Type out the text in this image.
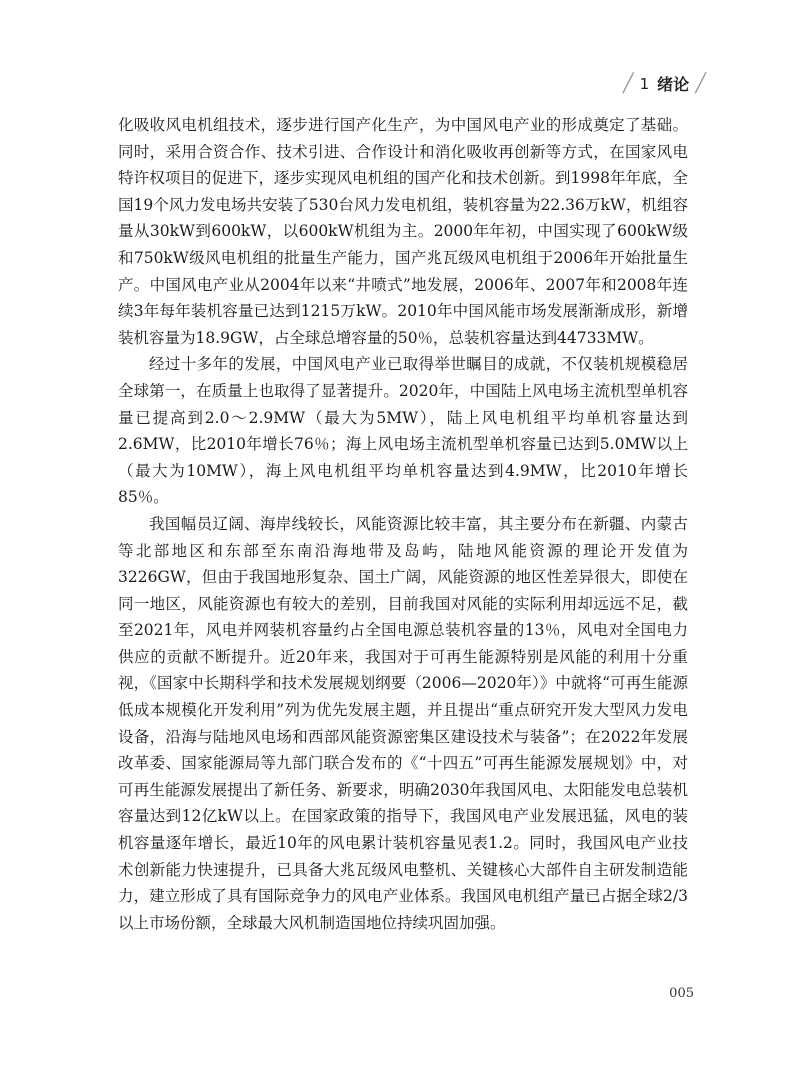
╱ 1 绪论 ╱

化吸收风电机组技术，逐步进行国产化生产，为中国风电产业的形成奠定了基础。同时，采用合资合作、技术引进、合作设计和消化吸收再创新等方式，在国家风电特许权项目的促进下，逐步实现风电机组的国产化和技术创新。到1998年年底，全国19个风力发电场共安装了530台风力发电机组，装机容量为22.36万kW，机组容量从30kW到600kW，以600kW机组为主。2000年年初，中国实现了600kW级和750kW级风电机组的批量生产能力，国产兆瓦级风电机组于2006年开始批量生产。中国风电产业从2004年以来“井喷式”地发展，2006年、2007年和2008年连续3年每年装机容量已达到1215万kW。2010年中国风能市场发展渐渐成形，新增装机容量为18.9GW，占全球总增容量的50％，总装机容量达到44733MW。

经过十多年的发展，中国风电产业已取得举世瞩目的成就，不仅装机规模稳居全球第一，在质量上也取得了显著提升。2020年，中国陆上风电场主流机型单机容量已提高到2.0～2.9MW（最大为5MW），陆上风电机组平均单机容量达到2.6MW，比2010年增长76％；海上风电场主流机型单机容量已达到5.0MW以上（最大为10MW），海上风电机组平均单机容量达到4.9MW，比2010年增长85％。

我国幅员辽阔、海岸线较长，风能资源比较丰富，其主要分布在新疆、内蒙古等北部地区和东部至东南沿海地带及岛屿，陆地风能资源的理论开发值为3226GW，但由于我国地形复杂、国土广阔，风能资源的地区性差异很大，即使在同一地区，风能资源也有较大的差别，目前我国对风能的实际利用却远远不足，截至2021年，风电并网装机容量约占全国电源总装机容量的13％，风电对全国电力供应的贡献不断提升。近20年来，我国对于可再生能源特别是风能的利用十分重视，《国家中长期科学和技术发展规划纲要（2006—2020年）》中就将“可再生能源低成本规模化开发利用”列为优先发展主题，并且提出“重点研究开发大型风力发电设备，沿海与陆地风电场和西部风能资源密集区建设技术与装备”；在2022年发展改革委、国家能源局等九部门联合发布的《“十四五”可再生能源发展规划》中，对可再生能源发展提出了新任务、新要求，明确2030年我国风电、太阳能发电总装机容量达到12亿kW以上。在国家政策的指导下，我国风电产业发展迅猛，风电的装机容量逐年增长，最近10年的风电累计装机容量见表1.2。同时，我国风电产业技术创新能力快速提升，已具备大兆瓦级风电整机、关键核心大部件自主研发制造能力，建立形成了具有国际竞争力的风电产业体系。我国风电机组产量已占据全球2/3以上市场份额，全球最大风机制造国地位持续巩固加强。

005
